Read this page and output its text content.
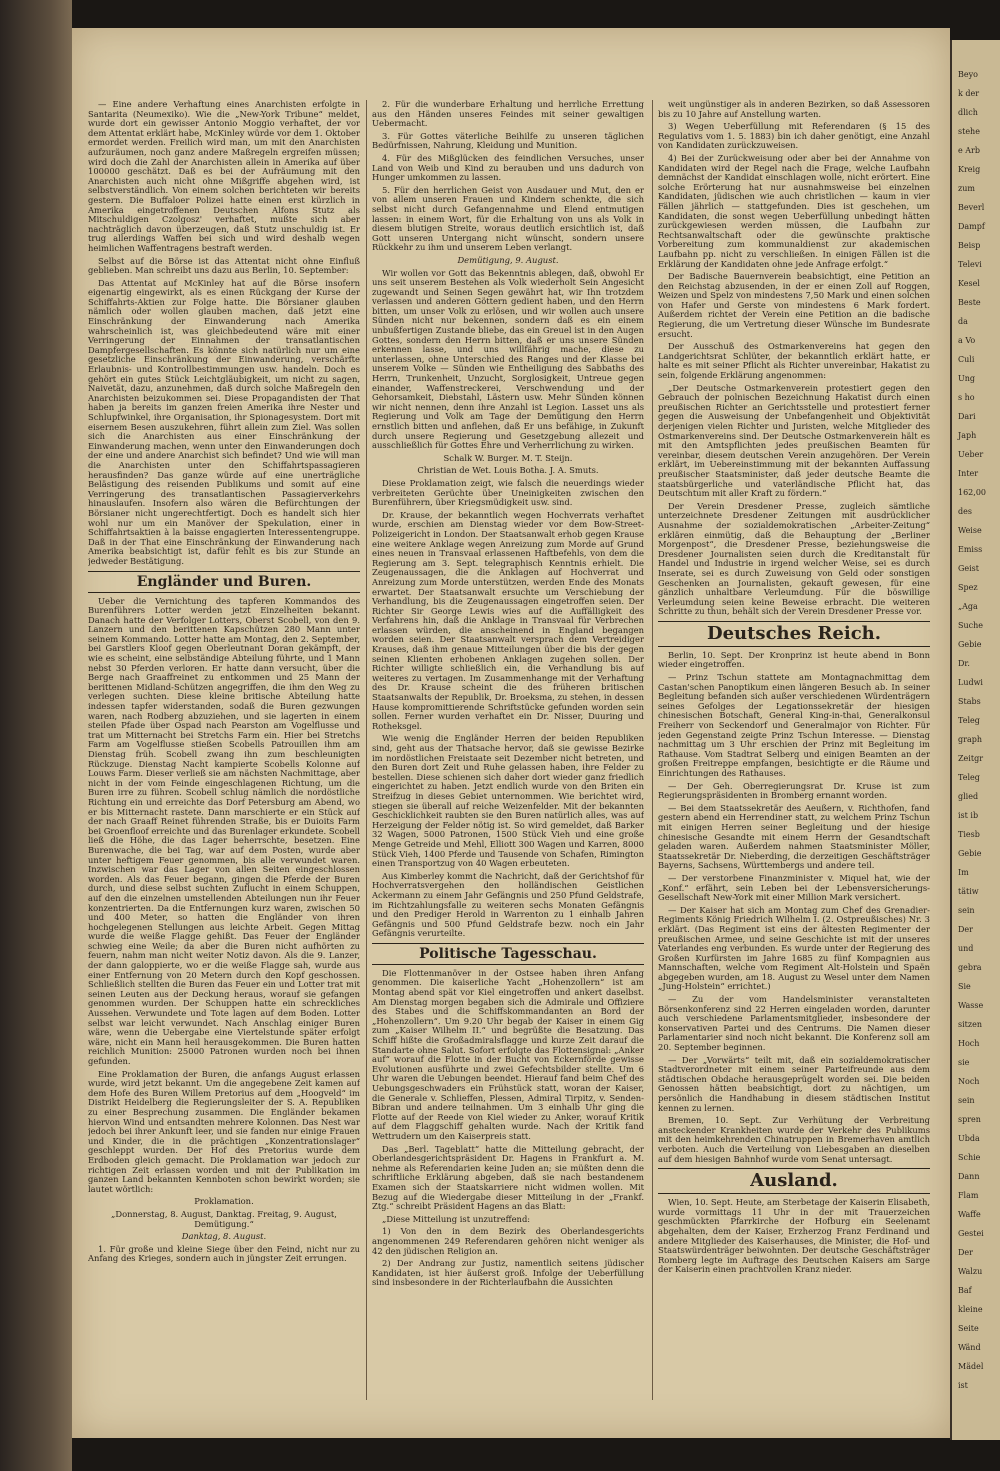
— Eine andere Verhaftung eines Anarchisten erfolgte in Santarita (Neumexiko). Wie die „New-York Tribune“ meldet, wurde dort ein gewisser Antonio Moggio verhaftet, der vor dem Attentat erklärt habe, McKinley würde vor dem 1. Oktober ermordet werden. Freilich wird man, um mit den Anarchisten aufzuräumen, noch ganz andere Maßregeln ergreifen müssen; wird doch die Zahl der Anarchisten allein in Amerika auf über 100000 geschätzt. Daß es bei der Aufräumung mit den Anarchisten auch nicht ohne Mißgriffe abgehen wird, ist selbstverständlich. Von einem solchen berichteten wir bereits gestern. Die Buffaloer Polizei hatte einen erst kürzlich in Amerika eingetroffenen Deutschen Alfons Stutz als Mitschuldigen Czolgosz' verhaftet, mußte sich aber nachträglich davon überzeugen, daß Stutz unschuldig ist. Er trug allerdings Waffen bei sich und wird deshalb wegen heimlichen Waffentragens bestraft werden.

Selbst auf die Börse ist das Attentat nicht ohne Einfluß geblieben. Man schreibt uns dazu aus Berlin, 10. September:

Das Attentat auf McKinley hat auf die Börse insofern eigenartig eingewirkt, als es einen Rückgang der Kurse der Schiffahrts-Aktien zur Folge hatte. Die Börsianer glauben nämlich oder wollen glauben machen, daß jetzt eine Einschränkung der Einwanderung nach Amerika wahrscheinlich ist, was gleichbedeutend wäre mit einer Verringerung der Einnahmen der transatlantischen Dampfergesellschaften. Es könnte sich natürlich nur um eine gesetzliche Einschränkung der Einwanderung, verschärfte Erlaubnis- und Kontrollbestimmungen usw. handeln. Doch es gehört ein gutes Stück Leichtgläubigkeit, um nicht zu sagen, Naivetät, dazu, anzunehmen, daß durch solche Maßregeln den Anarchisten beizukommen sei. Diese Propagandisten der That haben ja bereits im ganzen freien Amerika ihre Nester und Schlupfwinkel, ihre Organisation, ihr Spionagesystem. Dort mit eisernem Besen auszukehren, führt allein zum Ziel. Was sollen sich die Anarchisten aus einer Einschränkung der Einwanderung machen, wenn unter den Einwanderungen doch der eine und andere Anarchist sich befindet? Und wie will man die Anarchisten unter den Schiffahrtspassagieren herausfinden? Das ganze würde auf eine unerträgliche Belästigung des reisenden Publikums und somit auf eine Verringerung des transatlantischen Passagierverkehrs hinauslaufen. Insofern also wären die Befürchtungen der Börsianer nicht ungerechtfertigt. Doch es handelt sich hier wohl nur um ein Manöver der Spekulation, einer in Schiffahrtsaktien à la baisse engagierten Interessentengruppe. Daß in der That eine Einschränkung der Einwanderung nach Amerika beabsichtigt ist, dafür fehlt es bis zur Stunde an jedweder Bestätigung.

Engländer und Buren.

Ueber die Vernichtung des tapferen Kommandos des Burenführers Lotter werden jetzt Einzelheiten bekannt. Danach hatte der Verfolger Lotters, Oberst Scobell, von den 9. Lanzern und den berittenen Kapschützen 280 Mann unter seinem Kommando. Lotter hatte am Montag, den 2. September, bei Garstlers Kloof gegen Oberleutnant Doran gekämpft, der wie es scheint, eine selbständige Abteilung führte, und 1 Mann nebst 30 Pferden verloren. Er hatte dann versucht, über die Berge nach Graaffreinet zu entkommen und 25 Mann der berittenen Midland-Schützen angegriffen, die ihm den Weg zu verlegen suchten. Diese kleine britische Abteilung hatte indessen tapfer widerstanden, sodaß die Buren gezwungen waren, nach Rodberg abzuziehen, und sie lagerten in einem steilen Pfade über Ospad nach Pearston am Vogelflusse und trat um Mitternacht bei Stretchs Farm ein. Hier bei Stretchs Farm am Vogelflusse stießen Scobells Patrouillen ihm am Dienstag früh. Scobell zwang ihn zum beschleunigten Rückzuge. Dienstag Nacht kampierte Scobells Kolonne auf Louws Farm. Dieser verließ sie am nächsten Nachmittage, aber nicht in der vom Feinde eingeschlagenen Richtung, um die Buren irre zu führen. Scobell schlug nämlich die nordöstliche Richtung ein und erreichte das Dorf Petersburg am Abend, wo er bis Mitternacht rastete. Dann marschierte er ein Stück auf der nach Graaff Reinet führenden Straße, bis er Duioits Farm bei Groenfloof erreichte und das Burenlager erkundete. Scobell ließ die Höhe, die das Lager beherrschte, besetzen. Eine Burenwache, die bei Tag, war auf dem Posten, wurde aber unter heftigem Feuer genommen, bis alle verwundet waren. Inzwischen war das Lager von allen Seiten eingeschlossen worden. Als das Feuer begann, gingen die Pferde der Buren durch, und diese selbst suchten Zuflucht in einem Schuppen, auf den die einzelnen umstellenden Abteilungen nun ihr Feuer konzentrierten. Da die Entfernungen kurz waren, zwischen 50 und 400 Meter, so hatten die Engländer von ihren hochgelegenen Stellungen aus leichte Arbeit. Gegen Mittag wurde die weiße Flagge gehißt. Das Feuer der Engländer schwieg eine Weile; da aber die Buren nicht aufhörten zu feuern, nahm man nicht weiter Notiz davon. Als die 9. Lanzer, der dann galoppierte, wo er die weiße Flagge sah, wurde aus einer Entfernung von 20 Metern durch den Kopf geschossen. Schließlich stellten die Buren das Feuer ein und Lotter trat mit seinen Leuten aus der Deckung heraus, worauf sie gefangen genommen wurden. Der Schuppen hatte ein schreckliches Aussehen. Verwundete und Tote lagen auf dem Boden. Lotter selbst war leicht verwundet. Nach Anschlag einiger Buren wäre, wenn die Uebergabe eine Viertelstunde später erfolgt wäre, nicht ein Mann heil herausgekommen. Die Buren hatten reichlich Munition: 25000 Patronen wurden noch bei ihnen gefunden.

Eine Proklamation der Buren, die anfangs August erlassen wurde, wird jetzt bekannt. Um die angegebene Zeit kamen auf dem Hofe des Buren Willem Pretorius auf dem „Hoogveld“ im Distrikt Heidelberg die Regierungsleiter der S. A. Republiken zu einer Besprechung zusammen. Die Engländer bekamen hiervon Wind und entsandten mehrere Kolonnen. Das Nest war jedoch bei ihrer Ankunft leer, und sie fanden nur einige Frauen und Kinder, die in die prächtigen „Konzentrationslager“ geschleppt wurden. Der Hof des Pretorius wurde dem Erdboden gleich gemacht. Die Proklamation war jedoch zur richtigen Zeit erlassen worden und mit der Publikation im ganzen Land bekannten Kennboten schon bewirkt worden; sie lautet wörtlich:

Proklamation.

„Donnerstag, 8. August, Danktag. Freitag, 9. August, Demütigung.“

Danktag, 8. August.

1. Für große und kleine Siege über den Feind, nicht nur zu Anfang des Krieges, sondern auch in jüngster Zeit errungen.

2. Für die wunderbare Erhaltung und herrliche Errettung aus den Händen unseres Feindes mit seiner gewaltigen Uebermacht.

3. Für Gottes väterliche Beihilfe zu unseren täglichen Bedürfnissen, Nahrung, Kleidung und Munition.

4. Für des Mißglücken des feindlichen Versuches, unser Land von Weib und Kind zu berauben und uns dadurch von Hunger umkommen zu lassen.

5. Für den herrlichen Geist von Ausdauer und Mut, den er von allem unseren Frauen und Kindern schenkte, die sich selbst nicht durch Gefangennahme und Elend entmutigen lassen: in einem Wort, für die Erhaltung von uns als Volk in diesem blutigen Streite, woraus deutlich ersichtlich ist, daß Gott unseren Untergang nicht wünscht, sondern unsere Rückkehr zu ihm und unserem Leben verlangt.

Demütigung, 9. August.

Wir wollen vor Gott das Bekenntnis ablegen, daß, obwohl Er uns seit unserem Bestehen als Volk wiederholt Sein Angesicht zugewandt und Seinen Segen gewährt hat, wir Ihn trotzdem verlassen und anderen Göttern gedient haben, und den Herrn bitten, um unser Volk zu erlösen, und wir wollen auch unsere Sünden nicht nur bekennen, sondern daß es ein einem unbußfertigen Zustande bliebe, das ein Greuel ist in den Augen Gottes, sondern den Herrn bitten, daß er uns unsere Sünden erkennen lasse, und uns willfährig mache, diese zu unterlassen, ohne Unterschied des Ranges und der Klasse bei unserem Volke — Sünden wie Entheiligung des Sabbaths des Herrn, Trunkenheit, Unzucht, Sorglosigkeit, Untreue gegen einander, Waffenstreckerei, Verschwendung und der Gehorsamkeit, Diebstahl, Lästern usw. Mehr Sünden können wir nicht nennen, denn ihre Anzahl ist Legion. Lasset uns als Regierung und Volk am Tage der Demütigung den Herrn ernstlich bitten und anflehen, daß Er uns befähige, in Zukunft durch unsere Regierung und Gesetzgebung allezeit und ausschließlich für Gottes Ehre und Verherrlichung zu wirken.

Schalk W. Burger. M. T. Steijn.

Christian de Wet. Louis Botha. J. A. Smuts.

Diese Proklamation zeigt, wie falsch die neuerdings wieder verbreiteten Gerüchte über Uneinigkeiten zwischen den Burenführern, über Kriegsmüdigkeit usw. sind.

Dr. Krause, der bekanntlich wegen Hochverrats verhaftet wurde, erschien am Dienstag wieder vor dem Bow-Street-Polizeigericht in London. Der Staatsanwalt erhob gegen Krause eine weitere Anklage wegen Anreizung zum Morde auf Grund eines neuen in Transvaal erlassenen Haftbefehls, von dem die Regierung am 3. Sept. telegraphisch Kenntnis erhielt. Die Zeugenaussagen, die die Anklagen auf Hochverrat und Anreizung zum Morde unterstützen, werden Ende des Monats erwartet. Der Staatsanwalt ersuchte um Verschiebung der Verhandlung, bis die Zeugenaussagen eingetroffen seien. Der Richter Sir George Lewis wies auf die Auffälligkeit des Verfahrens hin, daß die Anklage in Transvaal für Verbrechen erlassen würden, die anscheinend in England begangen worden seien. Der Staatsanwalt versprach dem Vertreidiger Krauses, daß ihm genaue Mitteilungen über die bis der gegen seinen Klienten erhobenen Anklagen zugehen sollen. Der Richter willigte schließlich ein, die Verhandlung bis auf weiteres zu vertagen. Im Zusammenhange mit der Verhaftung des Dr. Krause scheint die des früheren britischen Staatsanwalts der Republik, Dr. Broeksma, zu stehen, in dessen Hause kompromittierende Schriftstücke gefunden worden sein sollen. Ferner wurden verhaftet ein Dr. Nisser, Duuring und Rotheksgel.

Wie wenig die Engländer Herren der beiden Republiken sind, geht aus der Thatsache hervor, daß sie gewisse Bezirke im nordöstlichen Freistaate seit Dezember nicht betreten, und den Buren dort Zeit und Ruhe gelassen haben, ihre Felder zu bestellen. Diese schienen sich daher dort wieder ganz friedlich eingerichtet zu haben. Jetzt endlich wurde von den Briten ein Streifzug in dieses Gebiet unternommen. Wie berichtet wird, stiegen sie überall auf reiche Weizenfelder. Mit der bekannten Geschicklichkeit raubten sie den Buren natürlich alles, was auf Herzeigung der Felder nötig ist. So wird gemeldet, daß Barker 32 Wagen, 5000 Patronen, 1500 Stück Vieh und eine große Menge Getreide und Mehl, Elliott 300 Wagen und Karren, 8000 Stück Vieh, 1400 Pferde und Tausende von Schafen, Rimington einen Transportzug von 40 Wagen erbeuteten.

Aus Kimberley kommt die Nachricht, daß der Gerichtshof für Hochverratsvergehen den holländischen Geistlichen Ackermann zu einem Jahr Gefängnis und 250 Pfund Geldstrafe, im Richtzahlungsfalle zu weiteren sechs Monaten Gefängnis und den Prediger Herold in Warrenton zu 1 einhalb Jahren Gefängnis und 500 Pfund Geldstrafe bezw. noch ein Jahr Gefängnis verurteilte.

Politische Tagesschau.

Die Flottenmanöver in der Ostsee haben ihren Anfang genommen. Die kaiserliche Yacht „Hohenzollern“ ist am Montag abend spät vor Kiel eingetroffen und ankert daselbst. Am Dienstag morgen begaben sich die Admirale und Offiziere des Stabes und die Schiffskommandanten an Bord der „Hohenzollern“. Um 9.20 Uhr begab der Kaiser in einem Gig zum „Kaiser Wilhelm II.“ und begrüßte die Besatzung. Das Schiff hißte die Großadmiralsflagge und kurze Zeit darauf die Standarte ohne Salut. Sofort erfolgte das Flottensignal: „Anker auf“ worauf die Flotte in der Bucht von Eckernförde gewisse Evolutionen ausführte und zwei Gefechtsbilder stellte. Um 6 Uhr waren die Uebungen beendet. Hierauf fand beim Chef des Uebungsgeschwaders ein Frühstück statt, woran der Kaiser, die Generale v. Schlieffen, Plessen, Admiral Tirpitz, v. Senden-Bibran und andere teilnahmen. Um 3 einhalb Uhr ging die Flotte auf der Reede von Kiel wieder zu Anker, worauf Kritik auf dem Flaggschiff gehalten wurde. Nach der Kritik fand Wettrudern um den Kaiserpreis statt.

Das „Berl. Tageblatt“ hatte die Mitteilung gebracht, der Oberlandesgerichtspräsident Dr. Hagens in Frankfurt a. M. nehme als Referendarien keine Juden an; sie müßten denn die schriftliche Erklärung abgeben, daß sie nach bestandenem Examen sich der Staatskarriere nicht widmen wollen. Mit Bezug auf die Wiedergabe dieser Mitteilung in der „Frankf. Ztg.“ schreibt Präsident Hagens an das Blatt:

„Diese Mitteilung ist unzutreffend:

1) Von den in dem Bezirk des Oberlandesgerichts angenommenen 249 Referendaren gehören nicht weniger als 42 den jüdischen Religion an.

2) Der Andrang zur Justiz, namentlich seitens jüdischer Kandidaten, ist hier äußerst groß. Infolge der Ueberfüllung sind insbesondere in der Richterlaufbahn die Aussichten

weit ungünstiger als in anderen Bezirken, so daß Assessoren bis zu 10 Jahre auf Anstellung warten.

3) Wegen Ueberfüllung mit Referendaren (§ 15 des Regulativs vom 1. 5. 1883) bin ich daher genötigt, eine Anzahl von Kandidaten zurückzuweisen.

4) Bei der Zurückweisung oder aber bei der Annahme von Kandidaten wird der Regel nach die Frage, welche Laufbahn demnächst der Kandidat einschlagen wolle, nicht erörtert. Eine solche Erörterung hat nur ausnahmsweise bei einzelnen Kandidaten, jüdischen wie auch christlichen — kaum in vier Fällen jährlich — stattgefunden. Dies ist geschehen, um Kandidaten, die sonst wegen Ueberfüllung unbedingt hätten zurückgewiesen werden müssen, die Laufbahn zur Rechtsanwaltschaft oder die gewünschte praktische Vorbereitung zum kommunaldienst zur akademischen Laufbahn pp. nicht zu verschließen. In einigen Fällen ist die Erklärung der Kandidaten ohne jede Anfrage erfolgt.“

Der Badische Bauernverein beabsichtigt, eine Petition an den Reichstag abzusenden, in der er einen Zoll auf Roggen, Weizen und Spelz von mindestens 7,50 Mark und einen solchen von Hafer und Gerste von mindestens 6 Mark fordert. Außerdem richtet der Verein eine Petition an die badische Regierung, die um Vertretung dieser Wünsche im Bundesrate ersucht.

Der Ausschuß des Ostmarkenvereins hat gegen den Landgerichtsrat Schlüter, der bekanntlich erklärt hatte, er halte es mit seiner Pflicht als Richter unvereinbar, Hakatist zu sein, folgende Erklärung angenommen:

„Der Deutsche Ostmarkenverein protestiert gegen den Gebrauch der polnischen Bezeichnung Hakatist durch einen preußischen Richter an Gerichtsstelle und protestiert ferner gegen die Ausweisung der Unbefangenheit und Objektivität derjenigen vielen Richter und Juristen, welche Mitglieder des Ostmarkenvereins sind. Der Deutsche Ostmarkenverein hält es mit den Amtspflichten jedes preußischen Beamten für vereinbar, diesem deutschen Verein anzugehören. Der Verein erklärt, im Uebereinstimmung mit der bekannten Auffassung preußischer Staatsminister, daß jeder deutsche Beamte die staatsbürgerliche und vaterländische Pflicht hat, das Deutschtum mit aller Kraft zu fördern.“

Der Verein Dresdener Presse, zugleich sämtliche unterzeichnete Dresdener Zeitungen mit ausdrücklicher Ausnahme der sozialdemokratischen „Arbeiter-Zeitung“ erklären einmütig, daß die Behauptung der „Berliner Morgenpost“, die Dresdener Presse, beziehungsweise die Dresdener Journalisten seien durch die Kreditanstalt für Handel und Industrie in irgend welcher Weise, sei es durch Inserate, sei es durch Zuweisung von Geld oder sonstigen Geschenken an Journalisten, gekauft gewesen, für eine gänzlich unhaltbare Verleumdung. Für die böswillige Verleumdung seien keine Beweise erbracht. Die weiteren Schritte zu thun, behält sich der Verein Dresdener Presse vor.

Deutsches Reich.

Berlin, 10. Sept. Der Kronprinz ist heute abend in Bonn wieder eingetroffen.

— Prinz Tschun stattete am Montagnachmittag dem Castan'schen Panoptikum einen längeren Besuch ab. In seiner Begleitung befanden sich außer verschiedenen Würdenträgern seines Gefolges der Legationssekretär der hiesigen chinesischen Botschaft, General King-in-thai, Generalkonsul Freiherr von Seckendorf und Generalmajor von Richter. Für jeden Gegenstand zeigte Prinz Tschun Interesse. — Dienstag nachmittag um 3 Uhr erschien der Prinz mit Begleitung im Rathause. Vom Stadtrat Selberg und einigen Beamten an der großen Freitreppe empfangen, besichtigte er die Räume und Einrichtungen des Rathauses.

— Der Geh. Oberregierungsrat Dr. Kruse ist zum Regierungspräsidenten in Bromberg ernannt worden.

— Bei dem Staatssekretär des Aeußern, v. Richthofen, fand gestern abend ein Herrendiner statt, zu welchem Prinz Tschun mit einigen Herren seiner Begleitung und der hiesige chinesische Gesandte mit einem Herrn der Gesandtschaft geladen waren. Außerdem nahmen Staatsminister Möller, Staatssekretär Dr. Nieberding, die derzeitigen Geschäftsträger Bayerns, Sachsens, Württembergs und andere teil.

— Der verstorbene Finanzminister v. Miquel hat, wie der „Konf.“ erfährt, sein Leben bei der Lebensversicherungs-Gesellschaft New-York mit einer Million Mark versichert.

— Der Kaiser hat sich am Montag zum Chef des Grenadier-Regiments König Friedrich Wilhelm I. (2. Ostpreußisches) Nr. 3 erklärt. (Das Regiment ist eins der ältesten Regimenter der preußischen Armee, und seine Geschichte ist mit der unseres Vaterlandes eng verbunden. Es wurde unter der Regierung des Großen Kurfürsten im Jahre 1685 zu fünf Kompagnien aus Mannschaften, welche vom Regiment Alt-Holstein und Spaën abgegeben wurden, am 18. August zu Wesel unter dem Namen „Jung-Holstein“ errichtet.)

— Zu der vom Handelsminister veranstalteten Börsenkonferenz sind 22 Herren eingeladen worden, darunter auch verschiedene Parlamentsmitglieder, insbesondere der konservativen Partei und des Centrums. Die Namen dieser Parlamentarier sind noch nicht bekannt. Die Konferenz soll am 20. September beginnen.

— Der „Vorwärts“ teilt mit, daß ein sozialdemokratischer Stadtverordneter mit einem seiner Parteifreunde aus dem städtischen Obdache herausgeprügelt worden sei. Die beiden Genossen hätten beabsichtigt, dort zu nächtigen, um persönlich die Handhabung in diesem städtischen Institut kennen zu lernen.

Bremen, 10. Sept. Zur Verhütung der Verbreitung ansteckender Krankheiten wurde der Verkehr des Publikums mit den heimkehrenden Chinatruppen in Bremerhaven amtlich verboten. Auch die Verteilung von Liebesgaben an dieselben auf dem hiesigen Bahnhof wurde vom Senat untersagt.

Ausland.

Wien, 10. Sept. Heute, am Sterbetage der Kaiserin Elisabeth, wurde vormittags 11 Uhr in der mit Trauerzeichen geschmückten Pfarrkirche der Hofburg ein Seelenamt abgehalten, dem der Kaiser, Erzherzog Franz Ferdinand und andere Mitglieder des Kaiserhauses, die Minister, die Hof- und Staatswürdenträger beiwohnten. Der deutsche Geschäftsträger Romberg legte im Auftrage des Deutschen Kaisers am Sarge der Kaiserin einen prachtvollen Kranz nieder.

Beyo
k der
dlich
stehe
e Arb
Kreig
zum
Beverl
Dampf
Beisp
Televi
Kesel
Beste
da
a Vo
Culi
Ung
s ho
Dari
Japh
Ueber
Inter
162,00
des
Weise
Emiss
Geist
Spez
„Aga
Suche
Gebie
Dr.
Ludwi
Stabs
Teleg
graph
Zeitgr
Teleg
glied
ist ib
Tiesb
Gebie
Im
tätiw
sein
Der
und
gebra
Sie
Wasse
sitzen
Hoch
sie
Noch
sein
spren
Ubda
Schie
Dann
Flam
Waffe
Gestei
Der
Walzu
Baf
kleine
Seite
Wänd
Mädel
ist
